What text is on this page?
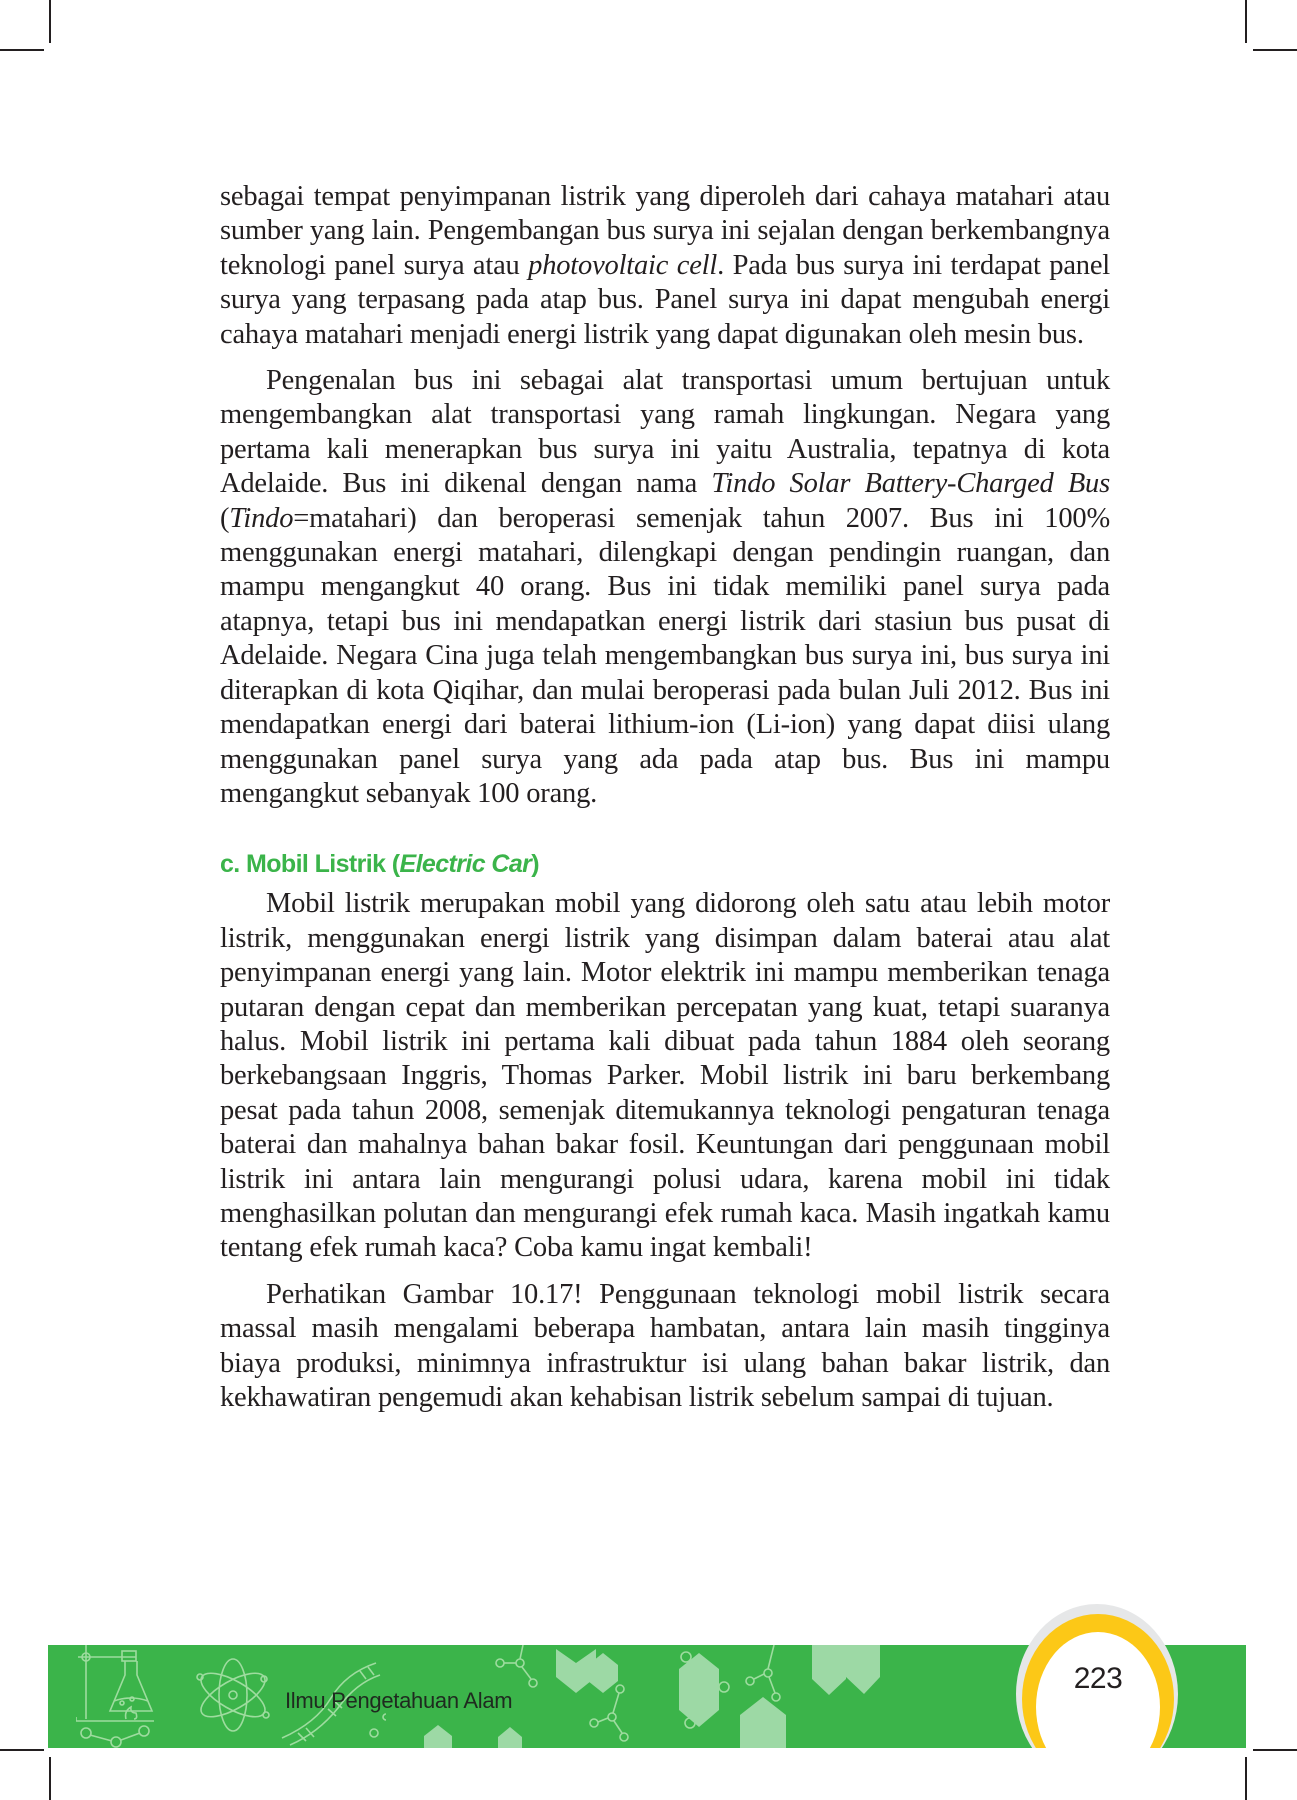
sebagai tempat penyimpanan listrik yang diperoleh dari cahaya matahari atau sumber yang lain. Pengembangan bus surya ini sejalan dengan berkembangnya teknologi panel surya atau photovoltaic cell. Pada bus surya ini terdapat panel surya yang terpasang pada atap bus. Panel surya ini dapat mengubah energi cahaya matahari menjadi energi listrik yang dapat digunakan oleh mesin bus.

Pengenalan bus ini sebagai alat transportasi umum bertujuan untuk mengembangkan alat transportasi yang ramah lingkungan. Negara yang pertama kali menerapkan bus surya ini yaitu Australia, tepatnya di kota Adelaide. Bus ini dikenal dengan nama Tindo Solar Battery-Charged Bus (Tindo=matahari) dan beroperasi semenjak tahun 2007. Bus ini 100% menggunakan energi matahari, dilengkapi dengan pendingin ruangan, dan mampu mengangkut 40 orang. Bus ini tidak memiliki panel surya pada atapnya, tetapi bus ini mendapatkan energi listrik dari stasiun bus pusat di Adelaide. Negara Cina juga telah mengembangkan bus surya ini, bus surya ini diterapkan di kota Qiqihar, dan mulai beroperasi pada bulan Juli 2012. Bus ini mendapatkan energi dari baterai lithium-ion (Li-ion) yang dapat diisi ulang menggunakan panel surya yang ada pada atap bus. Bus ini mampu mengangkut sebanyak 100 orang.

c. Mobil Listrik (Electric Car)

Mobil listrik merupakan mobil yang didorong oleh satu atau lebih motor listrik, menggunakan energi listrik yang disimpan dalam baterai atau alat penyimpanan energi yang lain. Motor elektrik ini mampu memberikan tenaga putaran dengan cepat dan memberikan percepatan yang kuat, tetapi suaranya halus. Mobil listrik ini pertama kali dibuat pada tahun 1884 oleh seorang berkebangsaan Inggris, Thomas Parker. Mobil listrik ini baru berkembang pesat pada tahun 2008, semenjak ditemukannya teknologi pengaturan tenaga baterai dan mahalnya bahan bakar fosil. Keuntungan dari penggunaan mobil listrik ini antara lain mengurangi polusi udara, karena mobil ini tidak menghasilkan polutan dan mengurangi efek rumah kaca. Masih ingatkah kamu tentang efek rumah kaca? Coba kamu ingat kembali!

Perhatikan Gambar 10.17! Penggunaan teknologi mobil listrik secara massal masih mengalami beberapa hambatan, antara lain masih tingginya biaya produksi, minimnya infrastruktur isi ulang bahan bakar listrik, dan kekhawatiran pengemudi akan kehabisan listrik sebelum sampai di tujuan.

Ilmu Pengetahuan Alam
223
